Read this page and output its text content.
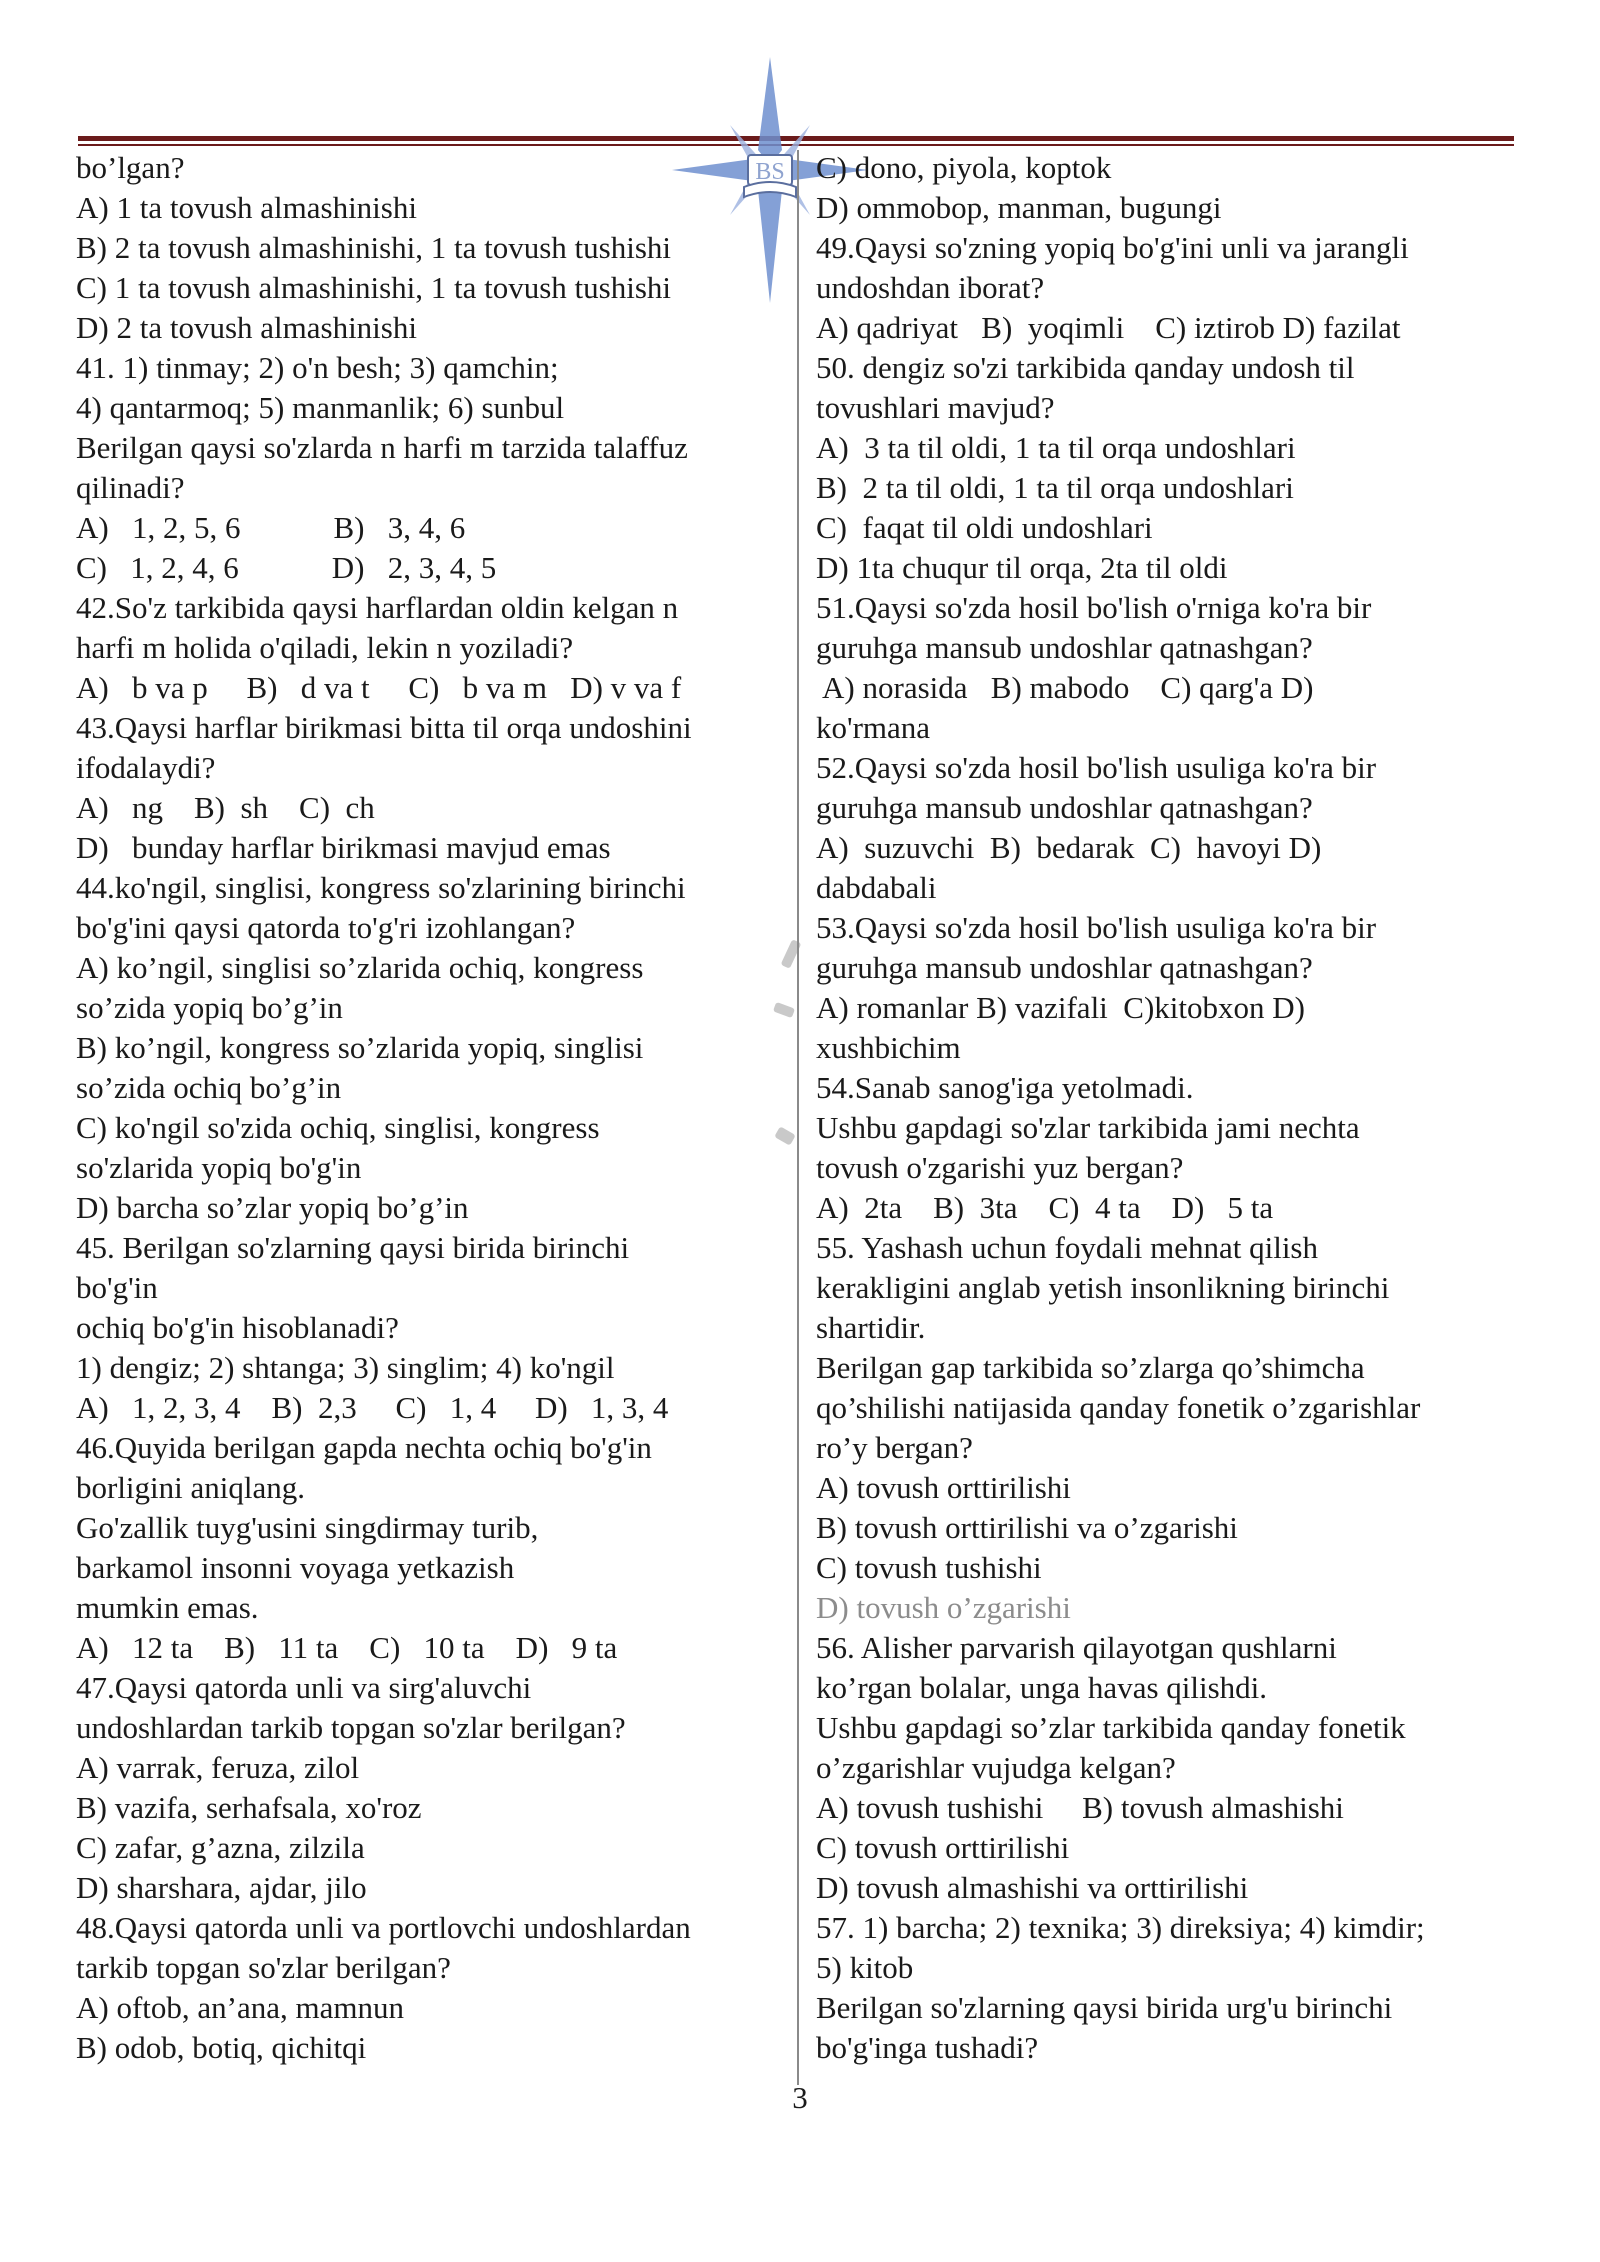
BS
bo’lgan?
A) 1 ta tovush almashinishi
B) 2 ta tovush almashinishi, 1 ta tovush tushishi
C) 1 ta tovush almashinishi, 1 ta tovush tushishi
D) 2 ta tovush almashinishi
41. 1) tinmay; 2) o'n besh; 3) qamchin;
4) qantarmoq; 5) manmanlik; 6) sunbul
Berilgan qaysi so'zlarda n harfi m tarzida talaffuz
qilinadi?
A)   1, 2, 5, 6            B)   3, 4, 6
C)   1, 2, 4, 6            D)   2, 3, 4, 5
42.So'z tarkibida qaysi harflardan oldin kelgan n
harfi m holida o'qiladi, lekin n yoziladi?
A)   b va p     B)   d va t     C)   b va m   D) v va f
43.Qaysi harflar birikmasi bitta til orqa undoshini
ifodalaydi?
A)   ng    B)  sh    C)  ch
D)   bunday harflar birikmasi mavjud emas
44.ko'ngil, singlisi, kongress so'zlarining birinchi
bo'g'ini qaysi qatorda to'g'ri izohlangan?
A) ko’ngil, singlisi so’zlarida ochiq, kongress
so’zida yopiq bo’g’in
B) ko’ngil, kongress so’zlarida yopiq, singlisi
so’zida ochiq bo’g’in
C) ko'ngil so'zida ochiq, singlisi, kongress
so'zlarida yopiq bo'g'in
D) barcha so’zlar yopiq bo’g’in
45. Berilgan so'zlarning qaysi birida birinchi
bo'g'in
ochiq bo'g'in hisoblanadi?
1) dengiz; 2) shtanga; 3) singlim; 4) ko'ngil
A)   1, 2, 3, 4    B)  2,3     C)   1, 4     D)   1, 3, 4
46.Quyida berilgan gapda nechta ochiq bo'g'in
borligini aniqlang.
Go'zallik tuyg'usini singdirmay turib,
barkamol insonni voyaga yetkazish
mumkin emas.
A)   12 ta    B)   11 ta    C)   10 ta    D)   9 ta
47.Qaysi qatorda unli va sirg'aluvchi
undoshlardan tarkib topgan so'zlar berilgan?
A) varrak, feruza, zilol
B) vazifa, serhafsala, xo'roz
C) zafar, g’azna, zilzila
D) sharshara, ajdar, jilo
48.Qaysi qatorda unli va portlovchi undoshlardan
tarkib topgan so'zlar berilgan?
A) oftob, an’ana, mamnun
B) odob, botiq, qichitqi
C) dono, piyola, koptok
D) ommobop, manman, bugungi
49.Qaysi so'zning yopiq bo'g'ini unli va jarangli
undoshdan iborat?
A) qadriyat   B)  yoqimli    C) iztirob D) fazilat
50. dengiz so'zi tarkibida qanday undosh til
tovushlari mavjud?
A)  3 ta til oldi, 1 ta til orqa undoshlari
B)  2 ta til oldi, 1 ta til orqa undoshlari
C)  faqat til oldi undoshlari
D) 1ta chuqur til orqa, 2ta til oldi
51.Qaysi so'zda hosil bo'lish o'rniga ko'ra bir
guruhga mansub undoshlar qatnashgan?
A) norasida   B) mabodo    C) qarg'a D)
ko'rmana
52.Qaysi so'zda hosil bo'lish usuliga ko'ra bir
guruhga mansub undoshlar qatnashgan?
A)  suzuvchi  B)  bedarak  C)  havoyi D)
dabdabali
53.Qaysi so'zda hosil bo'lish usuliga ko'ra bir
guruhga mansub undoshlar qatnashgan?
A) romanlar B) vazifali  C)kitobxon D)
xushbichim
54.Sanab sanog'iga yetolmadi.
Ushbu gapdagi so'zlar tarkibida jami nechta
tovush o'zgarishi yuz bergan?
A)  2ta    B)  3ta    C)  4 ta    D)   5 ta
55. Yashash uchun foydali mehnat qilish
kerakligini anglab yetish insonlikning birinchi
shartidir.
Berilgan gap tarkibida so’zlarga qo’shimcha
qo’shilishi natijasida qanday fonetik o’zgarishlar
ro’y bergan?
A) tovush orttirilishi
B) tovush orttirilishi va o’zgarishi
C) tovush tushishi
D) tovush o’zgarishi
56. Alisher parvarish qilayotgan qushlarni
ko’rgan bolalar, unga havas qilishdi.
Ushbu gapdagi so’zlar tarkibida qanday fonetik
o’zgarishlar vujudga kelgan?
A) tovush tushishi     B) tovush almashishi
C) tovush orttirilishi
D) tovush almashishi va orttirilishi
57. 1) barcha; 2) texnika; 3) direksiya; 4) kimdir;
5) kitob
Berilgan so'zlarning qaysi birida urg'u birinchi
bo'g'inga tushadi?
3
